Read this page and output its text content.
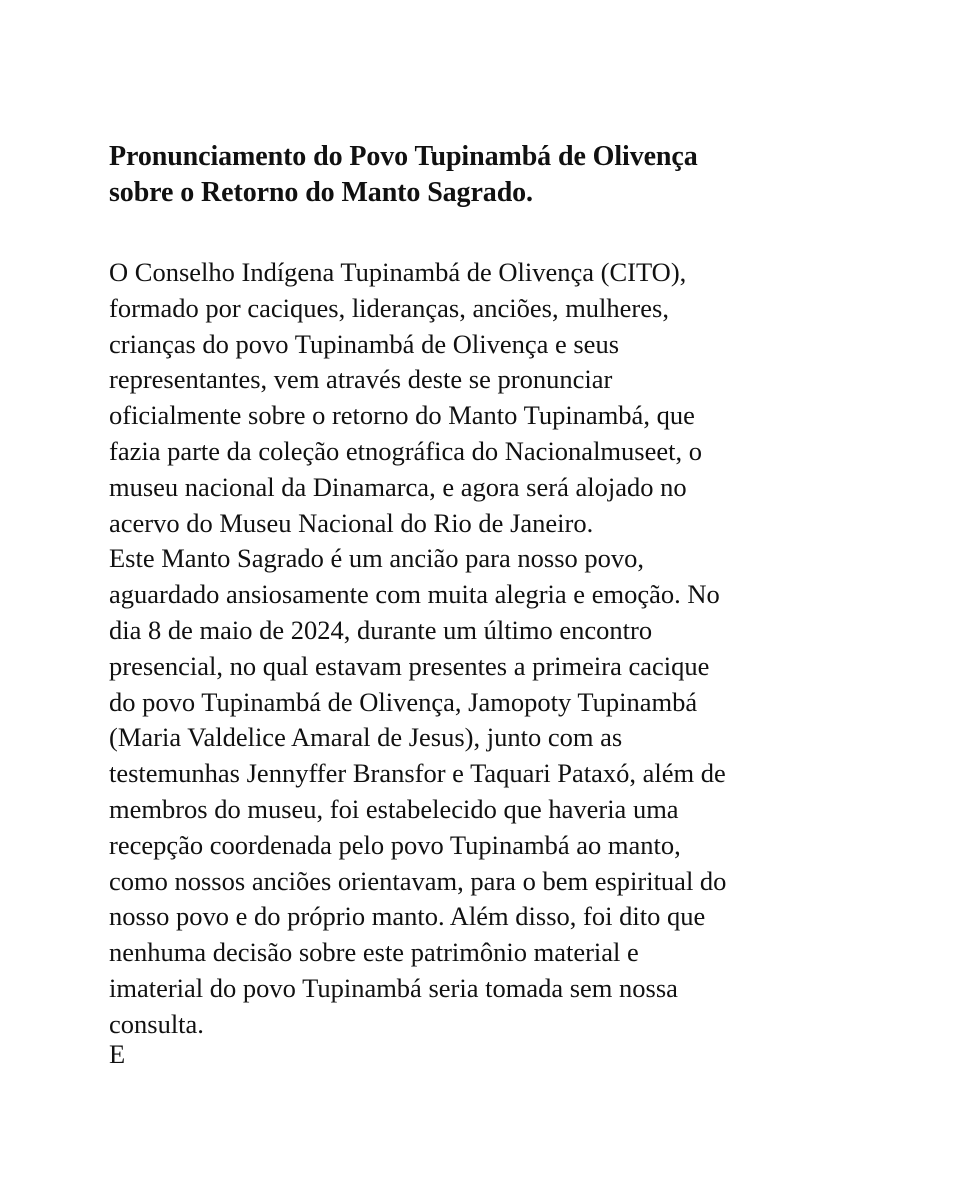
Pronunciamento do Povo Tupinambá de Olivença
sobre o Retorno do Manto Sagrado.
O Conselho Indígena Tupinambá de Olivença (CITO),
formado por caciques, lideranças, anciões, mulheres,
crianças do povo Tupinambá de Olivença e seus
representantes, vem através deste se pronunciar
oficialmente sobre o retorno do Manto Tupinambá, que
fazia parte da coleção etnográfica do Nacionalmuseet, o
museu nacional da Dinamarca, e agora será alojado no
acervo do Museu Nacional do Rio de Janeiro.
Este Manto Sagrado é um ancião para nosso povo,
aguardado ansiosamente com muita alegria e emoção. No
dia 8 de maio de 2024, durante um último encontro
presencial, no qual estavam presentes a primeira cacique
do povo Tupinambá de Olivença, Jamopoty Tupinambá
(Maria Valdelice Amaral de Jesus), junto com as
testemunhas Jennyffer Bransfor e Taquari Pataxó, além de
membros do museu, foi estabelecido que haveria uma
recepção coordenada pelo povo Tupinambá ao manto,
como nossos anciões orientavam, para o bem espiritual do
nosso povo e do próprio manto. Além disso, foi dito que
nenhuma decisão sobre este patrimônio material e
imaterial do povo Tupinambá seria tomada sem nossa
consulta.
E ⁠ ⁠ ⁠
